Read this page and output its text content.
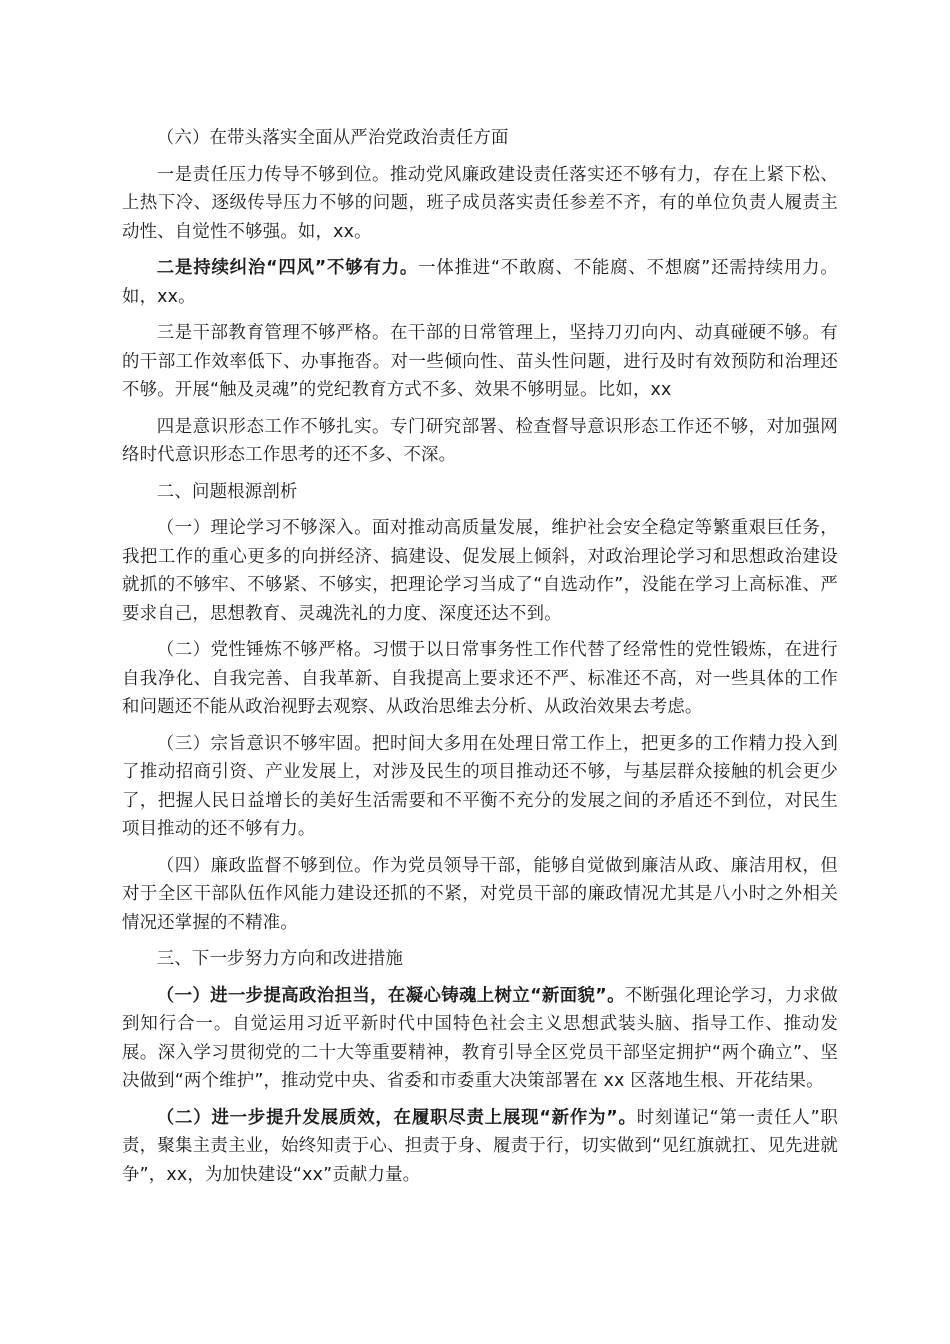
（六）在带头落实全面从严治党政治责任方面

一是责任压力传导不够到位。推动党风廉政建设责任落实还不够有力，存在上紧下松、上热下冷、逐级传导压力不够的问题，班子成员落实责任参差不齐，有的单位负责人履责主动性、自觉性不够强。如，xx。

二是持续纠治“四风”不够有力。一体推进“不敢腐、不能腐、不想腐”还需持续用力。如，xx。

三是干部教育管理不够严格。在干部的日常管理上，坚持刀刃向内、动真碰硬不够。有的干部工作效率低下、办事拖沓。对一些倾向性、苗头性问题，进行及时有效预防和治理还不够。开展“触及灵魂”的党纪教育方式不多、效果不够明显。比如，xx

四是意识形态工作不够扎实。专门研究部署、检查督导意识形态工作还不够，对加强网络时代意识形态工作思考的还不多、不深。

二、问题根源剖析

（一）理论学习不够深入。面对推动高质量发展，维护社会安全稳定等繁重艰巨任务，我把工作的重心更多的向拼经济、搞建设、促发展上倾斜，对政治理论学习和思想政治建设就抓的不够牢、不够紧、不够实，把理论学习当成了“自选动作”，没能在学习上高标准、严要求自己，思想教育、灵魂洗礼的力度、深度还达不到。

（二）党性锤炼不够严格。习惯于以日常事务性工作代替了经常性的党性锻炼，在进行自我净化、自我完善、自我革新、自我提高上要求还不严、标准还不高，对一些具体的工作和问题还不能从政治视野去观察、从政治思维去分析、从政治效果去考虑。

（三）宗旨意识不够牢固。把时间大多用在处理日常工作上，把更多的工作精力投入到了推动招商引资、产业发展上，对涉及民生的项目推动还不够，与基层群众接触的机会更少了，把握人民日益增长的美好生活需要和不平衡不充分的发展之间的矛盾还不到位，对民生项目推动的还不够有力。

（四）廉政监督不够到位。作为党员领导干部，能够自觉做到廉洁从政、廉洁用权，但对于全区干部队伍作风能力建设还抓的不紧，对党员干部的廉政情况尤其是八小时之外相关情况还掌握的不精准。

三、下一步努力方向和改进措施

（一）进一步提高政治担当，在凝心铸魂上树立“新面貌”。不断强化理论学习，力求做到知行合一。自觉运用习近平新时代中国特色社会主义思想武装头脑、指导工作、推动发展。深入学习贯彻党的二十大等重要精神，教育引导全区党员干部坚定拥护“两个确立”、坚决做到“两个维护”，推动党中央、省委和市委重大决策部署在 xx 区落地生根、开花结果。

（二）进一步提升发展质效，在履职尽责上展现“新作为”。时刻谨记“第一责任人”职责，聚集主责主业，始终知责于心、担责于身、履责于行，切实做到“见红旗就扛、见先进就争”，xx，为加快建设“xx”贡献力量。
